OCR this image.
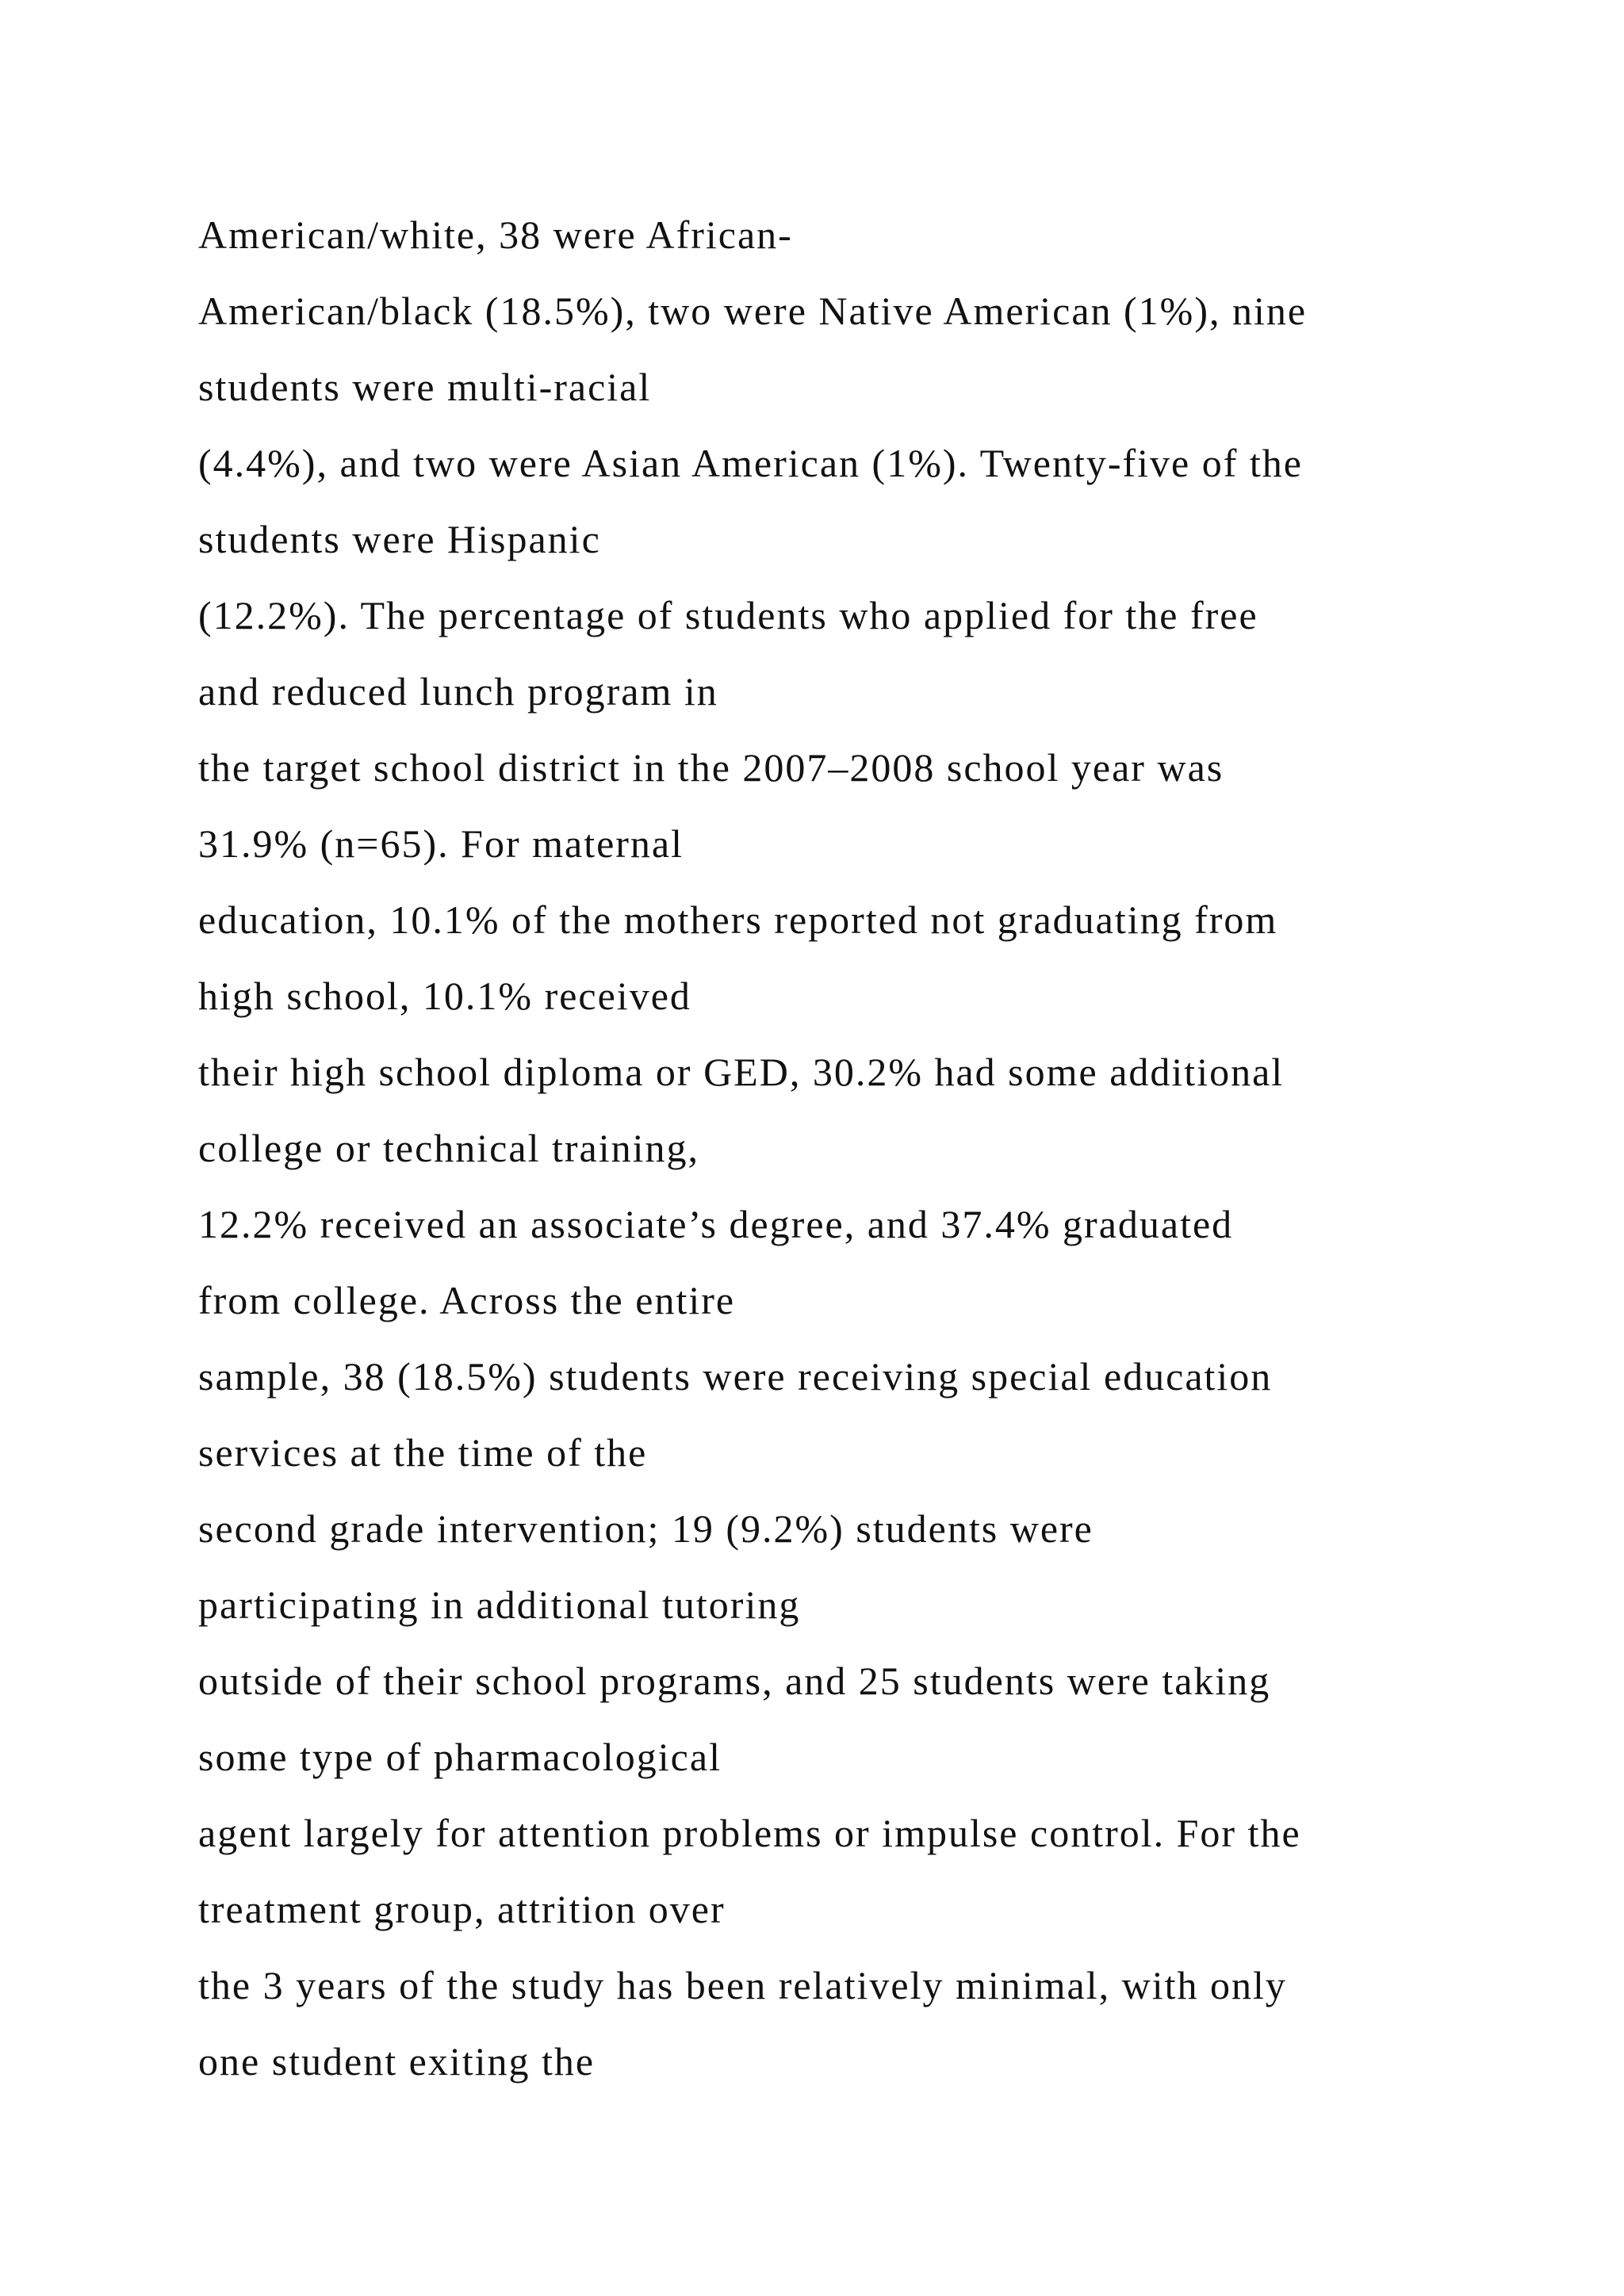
American/white, 38 were African-
American/black (18.5%), two were Native American (1%), nine
students were multi-racial
(4.4%), and two were Asian American (1%). Twenty-five of the
students were Hispanic
(12.2%). The percentage of students who applied for the free
and reduced lunch program in
the target school district in the 2007–2008 school year was
31.9% (n=65). For maternal
education, 10.1% of the mothers reported not graduating from
high school, 10.1% received
their high school diploma or GED, 30.2% had some additional
college or technical training,
12.2% received an associate’s degree, and 37.4% graduated
from college. Across the entire
sample, 38 (18.5%) students were receiving special education
services at the time of the
second grade intervention; 19 (9.2%) students were
participating in additional tutoring
outside of their school programs, and 25 students were taking
some type of pharmacological
agent largely for attention problems or impulse control. For the
treatment group, attrition over
the 3 years of the study has been relatively minimal, with only
one student exiting the
